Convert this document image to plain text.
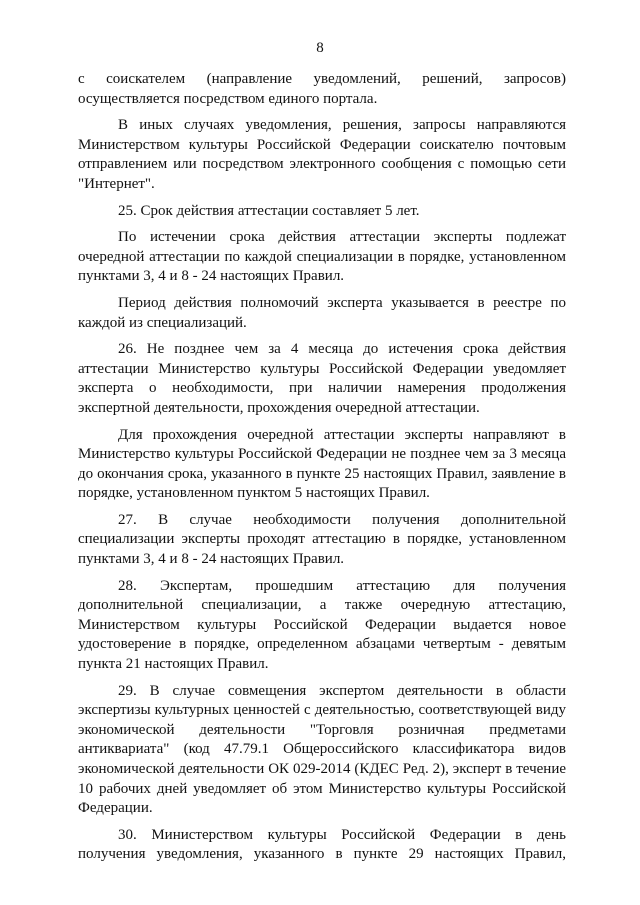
8

с соискателем (направление уведомлений, решений, запросов) осуществляется посредством единого портала.

В иных случаях уведомления, решения, запросы направляются Министерством культуры Российской Федерации соискателю почтовым отправлением или посредством электронного сообщения с помощью сети "Интернет".

25. Срок действия аттестации составляет 5 лет.

По истечении срока действия аттестации эксперты подлежат очередной аттестации по каждой специализации в порядке, установленном пунктами 3, 4 и 8 - 24 настоящих Правил.

Период действия полномочий эксперта указывается в реестре по каждой из специализаций.

26. Не позднее чем за 4 месяца до истечения срока действия аттестации Министерство культуры Российской Федерации уведомляет эксперта о необходимости, при наличии намерения продолжения экспертной деятельности, прохождения очередной аттестации.

Для прохождения очередной аттестации эксперты направляют в Министерство культуры Российской Федерации не позднее чем за 3 месяца до окончания срока, указанного в пункте 25 настоящих Правил, заявление в порядке, установленном пунктом 5 настоящих Правил.

27. В случае необходимости получения дополнительной специализации эксперты проходят аттестацию в порядке, установленном пунктами 3, 4 и 8 - 24 настоящих Правил.

28. Экспертам, прошедшим аттестацию для получения дополнительной специализации, а также очередную аттестацию, Министерством культуры Российской Федерации выдается новое удостоверение в порядке, определенном абзацами четвертым - девятым пункта 21 настоящих Правил.

29. В случае совмещения экспертом деятельности в области экспертизы культурных ценностей с деятельностью, соответствующей виду экономической деятельности "Торговля розничная предметами антиквариата" (код 47.79.1 Общероссийского классификатора видов экономической деятельности ОК 029-2014 (КДЕС Ред. 2), эксперт в течение 10 рабочих дней уведомляет об этом Министерство культуры Российской Федерации.

30. Министерством культуры Российской Федерации в день получения уведомления, указанного в пункте 29 настоящих Правил,
